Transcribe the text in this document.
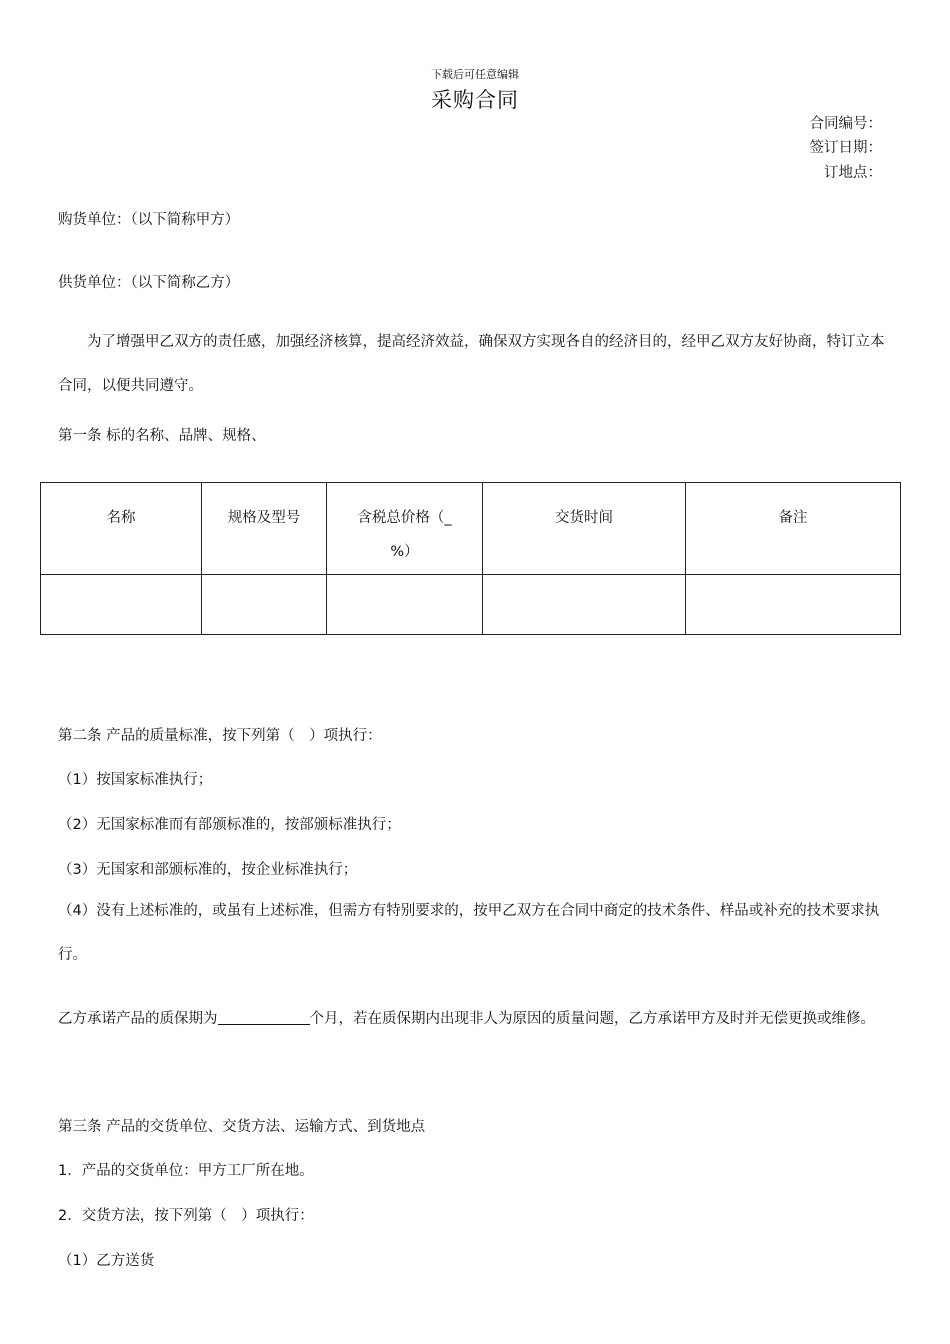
下载后可任意编辑
采购合同
合同编号：
签订日期：
订地点：
购货单位：（以下简称甲方）
供货单位：（以下简称乙方）
为了增强甲乙双方的责任感，加强经济核算，提高经济效益，确保双方实现各自的经济目的，经甲乙双方友好协商，特订立本合同，以便共同遵守。
第一条 标的名称、品牌、规格、
名称	规格及型号	含税总价格（_
%）	交货时间	备注

第二条 产品的质量标准，按下列第（　）项执行：
（1）按国家标准执行；
（2）无国家标准而有部颁标准的，按部颁标准执行；
（3）无国家和部颁标准的，按企业标准执行；
（4）没有上述标准的，或虽有上述标准，但需方有特别要求的，按甲乙双方在合同中商定的技术条件、样品或补充的技术要求执行。
乙方承诺产品的质保期为	个月，若在质保期内出现非人为原因的质量问题，乙方承诺甲方及时并无偿更换或维修。
第三条 产品的交货单位、交货方法、运输方式、到货地点
1．产品的交货单位：甲方工厂所在地。
2．交货方法，按下列第（　）项执行：
（1）乙方送货
